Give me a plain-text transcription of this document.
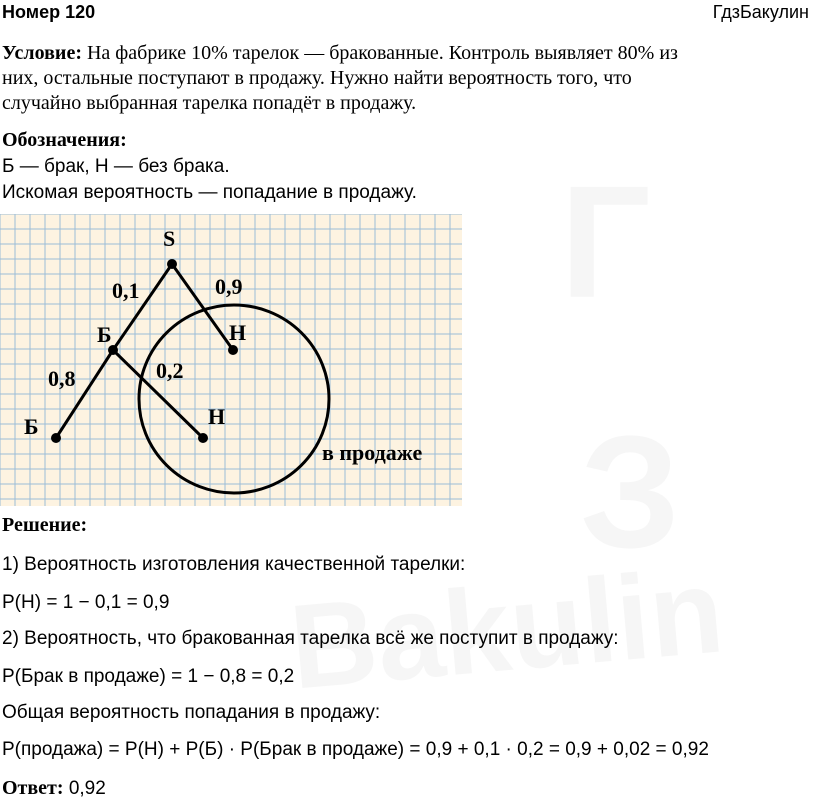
Номер 120	ГдзБакулин
Условие: На фабрике 10% тарелок — бракованные. Контроль выявляет 80% из
них, остальные поступают в продажу. Нужно найти вероятность того, что
случайно выбранная тарелка попадёт в продажу.
Обозначения:
Б — брак, Н — без брака.
Искомая вероятность — попадание в продажу.
S
Б	Н
Б	Н
0,1	0,9
0,8	0,2
в продаже
Решение:
1) Вероятность изготовления качественной тарелки:
P(Н) = 1 − 0,1 = 0,9
2) Вероятность, что бракованная тарелка всё же поступит в продажу:
P(Брак в продаже) = 1 − 0,8 = 0,2
Общая вероятность попадания в продажу:
P(продажа) = P(Н) + P(Б) · P(Брак в продаже) = 0,9 + 0,1 · 0,2 = 0,9 + 0,02 = 0,92
Ответ: 0,92
